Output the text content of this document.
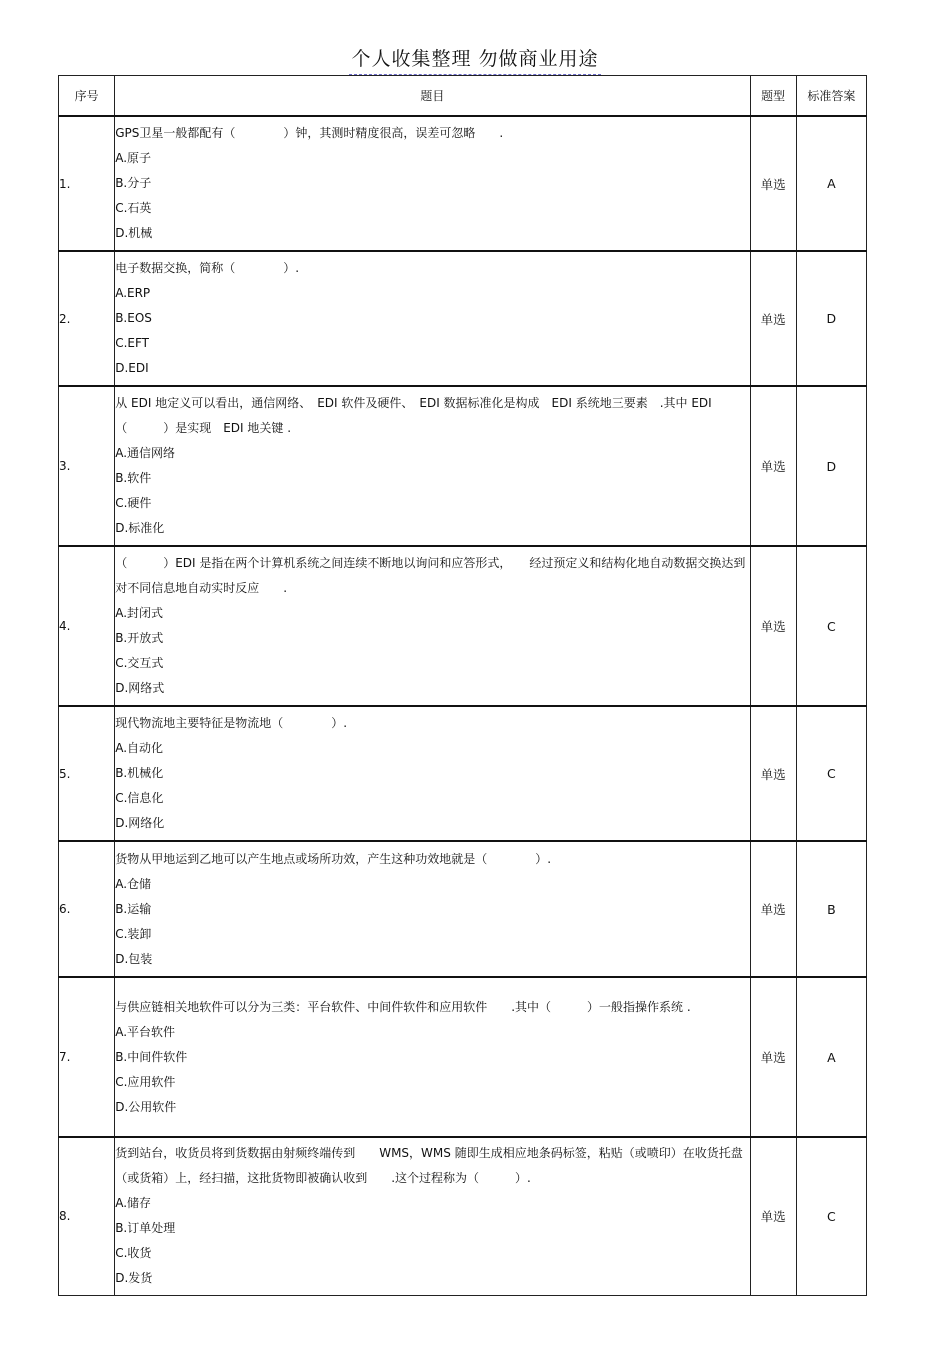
个人收集整理 勿做商业用途
序号	题目	题型	标准答案
1.	GPS卫星一般都配有（　　　　）钟，其测时精度很高，误差可忽略　　.

A.原子

B.分子

C.石英

D.机械	单选	A
2.	电子数据交换，简称（　　　　）.

A.ERP

B.EOS

C.EFT

D.EDI	单选	D
3.	从 EDI 地定义可以看出，通信网络、　EDI 软件及硬件、　EDI 数据标准化是构成　EDI 系统地三要素　.其中 EDI（　　　）是实现　EDI 地关键 .

A.通信网络

B.软件

C.硬件

D.标准化	单选	D
4.	（　　　）EDI 是指在两个计算机系统之间连续不断地以询问和应答形式，　　经过预定义和结构化地自动数据交换达到对不同信息地自动实时反应　　.

A.封闭式

B.开放式

C.交互式

D.网络式	单选	C
5.	现代物流地主要特征是物流地（　　　　）.

A.自动化

B.机械化

C.信息化

D.网络化	单选	C
6.	货物从甲地运到乙地可以产生地点或场所功效，产生这种功效地就是（　　　　）.

A.仓储

B.运输

C.装卸

D.包装	单选	B
7.	与供应链相关地软件可以分为三类：平台软件、中间件软件和应用软件　　.其中（　　　）一般指操作系统 .

A.平台软件

B.中间件软件

C.应用软件

D.公用软件	单选	A
8.	货到站台，收货员将到货数据由射频终端传到　　WMS，WMS 随即生成相应地条码标签，粘贴（或喷印）在收货托盘（或货箱）上，经扫描，这批货物即被确认收到　　.这个过程称为（　　　）.

A.储存

B.订单处理

C.收货

D.发货	单选	C
